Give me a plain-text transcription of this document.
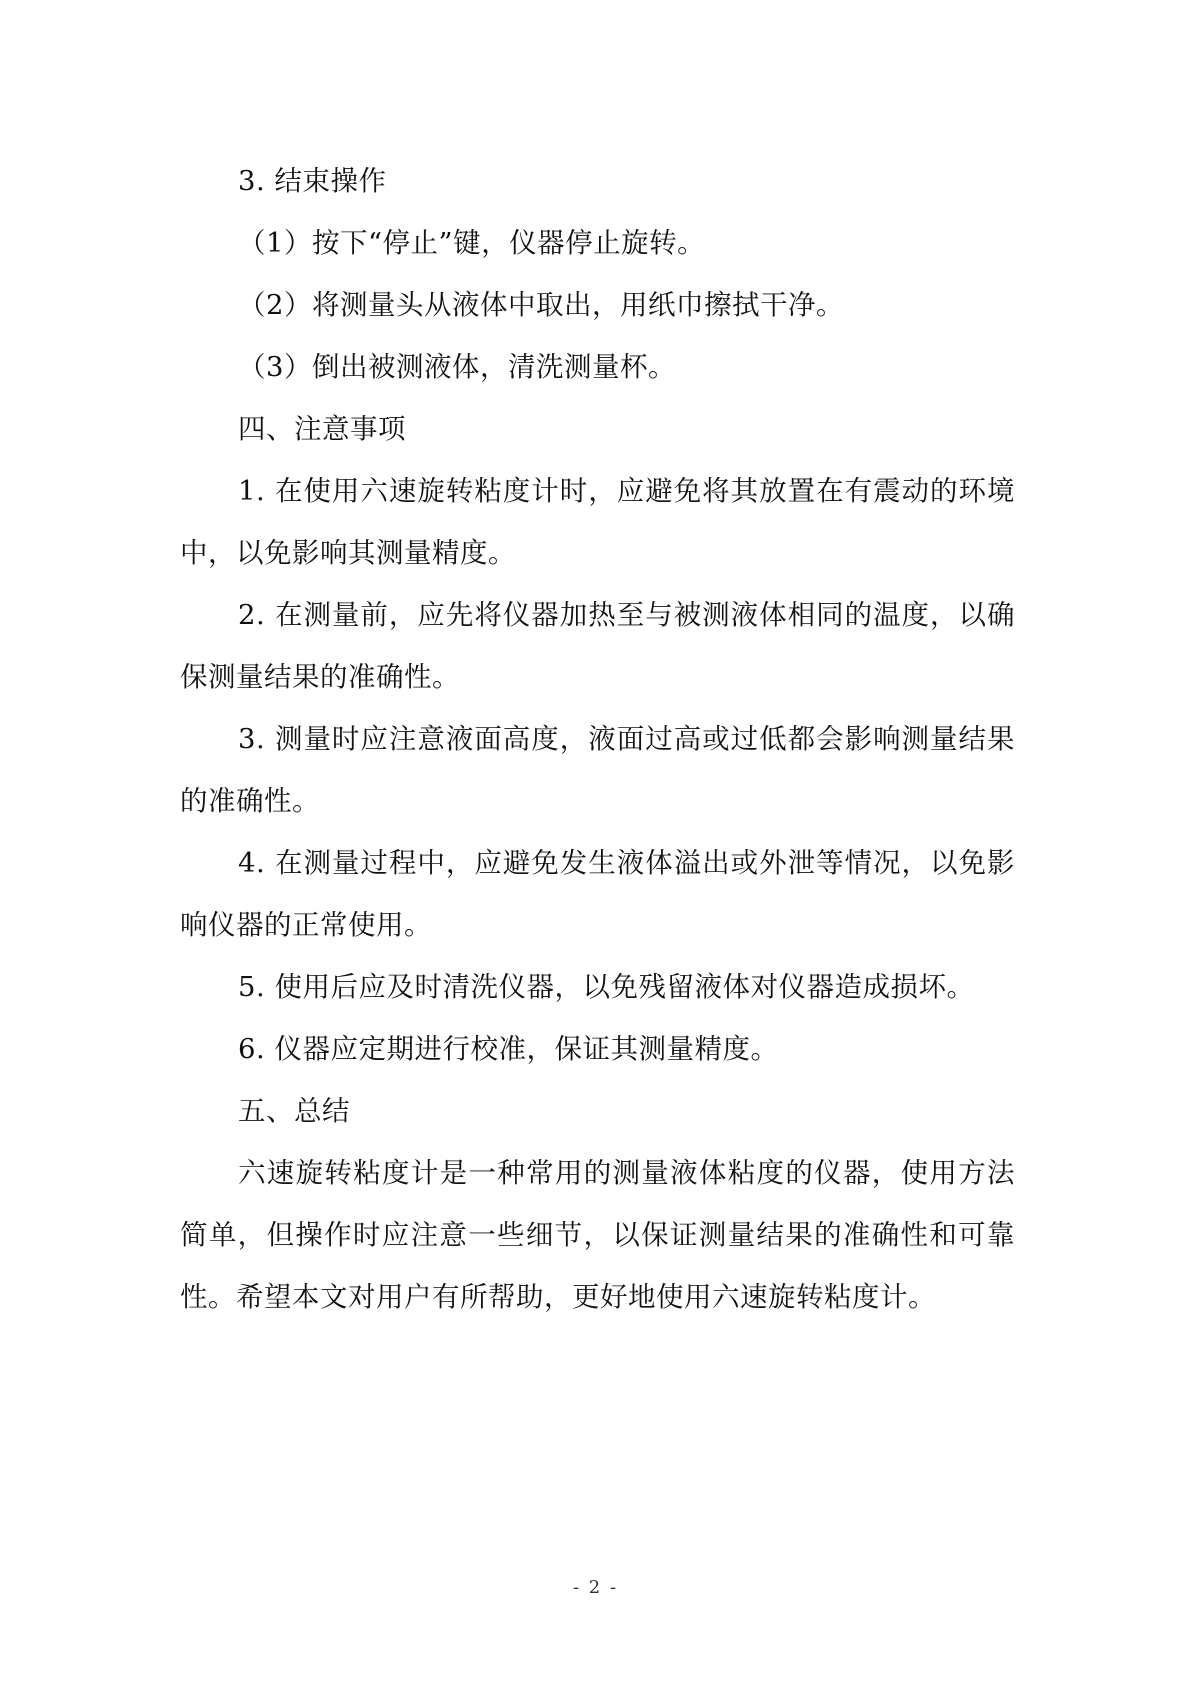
3. 结束操作

（1）按下“停止”键，仪器停止旋转。

（2）将测量头从液体中取出，用纸巾擦拭干净。

（3）倒出被测液体，清洗测量杯。

四、注意事项

1. 在使用六速旋转粘度计时，应避免将其放置在有震动的环境中，以免影响其测量精度。

2. 在测量前，应先将仪器加热至与被测液体相同的温度，以确保测量结果的准确性。

3. 测量时应注意液面高度，液面过高或过低都会影响测量结果的准确性。

4. 在测量过程中，应避免发生液体溢出或外泄等情况，以免影响仪器的正常使用。

5. 使用后应及时清洗仪器，以免残留液体对仪器造成损坏。

6. 仪器应定期进行校准，保证其测量精度。

五、总结

六速旋转粘度计是一种常用的测量液体粘度的仪器，使用方法简单，但操作时应注意一些细节，以保证测量结果的准确性和可靠性。希望本文对用户有所帮助，更好地使用六速旋转粘度计。

- 2 -
